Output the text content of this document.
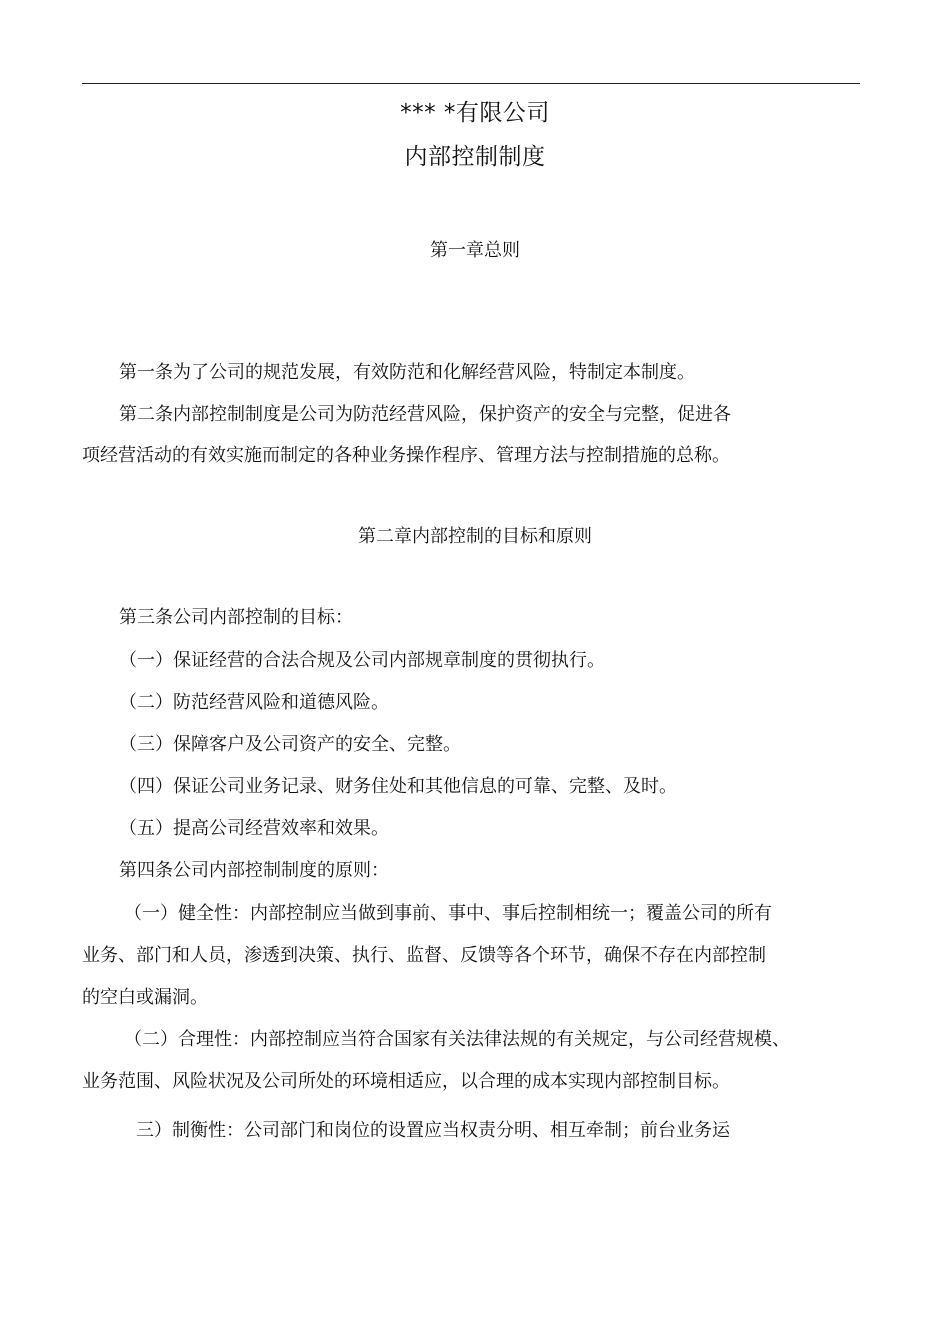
*** *有限公司
内部控制制度
第一章总则
第一条为了公司的规范发展，有效防范和化解经营风险，特制定本制度。
第二条内部控制制度是公司为防范经营风险，保护资产的安全与完整，促进各
项经营活动的有效实施而制定的各种业务操作程序、管理方法与控制措施的总称。
第二章内部控制的目标和原则
第三条公司内部控制的目标：
（一）保证经营的合法合规及公司内部规章制度的贯彻执行。
（二）防范经营风险和道德风险。
（三）保障客户及公司资产的安全、完整。
（四）保证公司业务记录、财务住处和其他信息的可靠、完整、及时。
（五）提高公司经营效率和效果。
第四条公司内部控制制度的原则：
（一）健全性：内部控制应当做到事前、事中、事后控制相统一；覆盖公司的所有
业务、部门和人员，渗透到决策、执行、监督、反馈等各个环节，确保不存在内部控制
的空白或漏洞。
（二）合理性：内部控制应当符合国家有关法律法规的有关规定，与公司经营规模、
业务范围、风险状况及公司所处的环境相适应，以合理的成本实现内部控制目标。
三）制衡性：公司部门和岗位的设置应当权责分明、相互牵制；前台业务运
